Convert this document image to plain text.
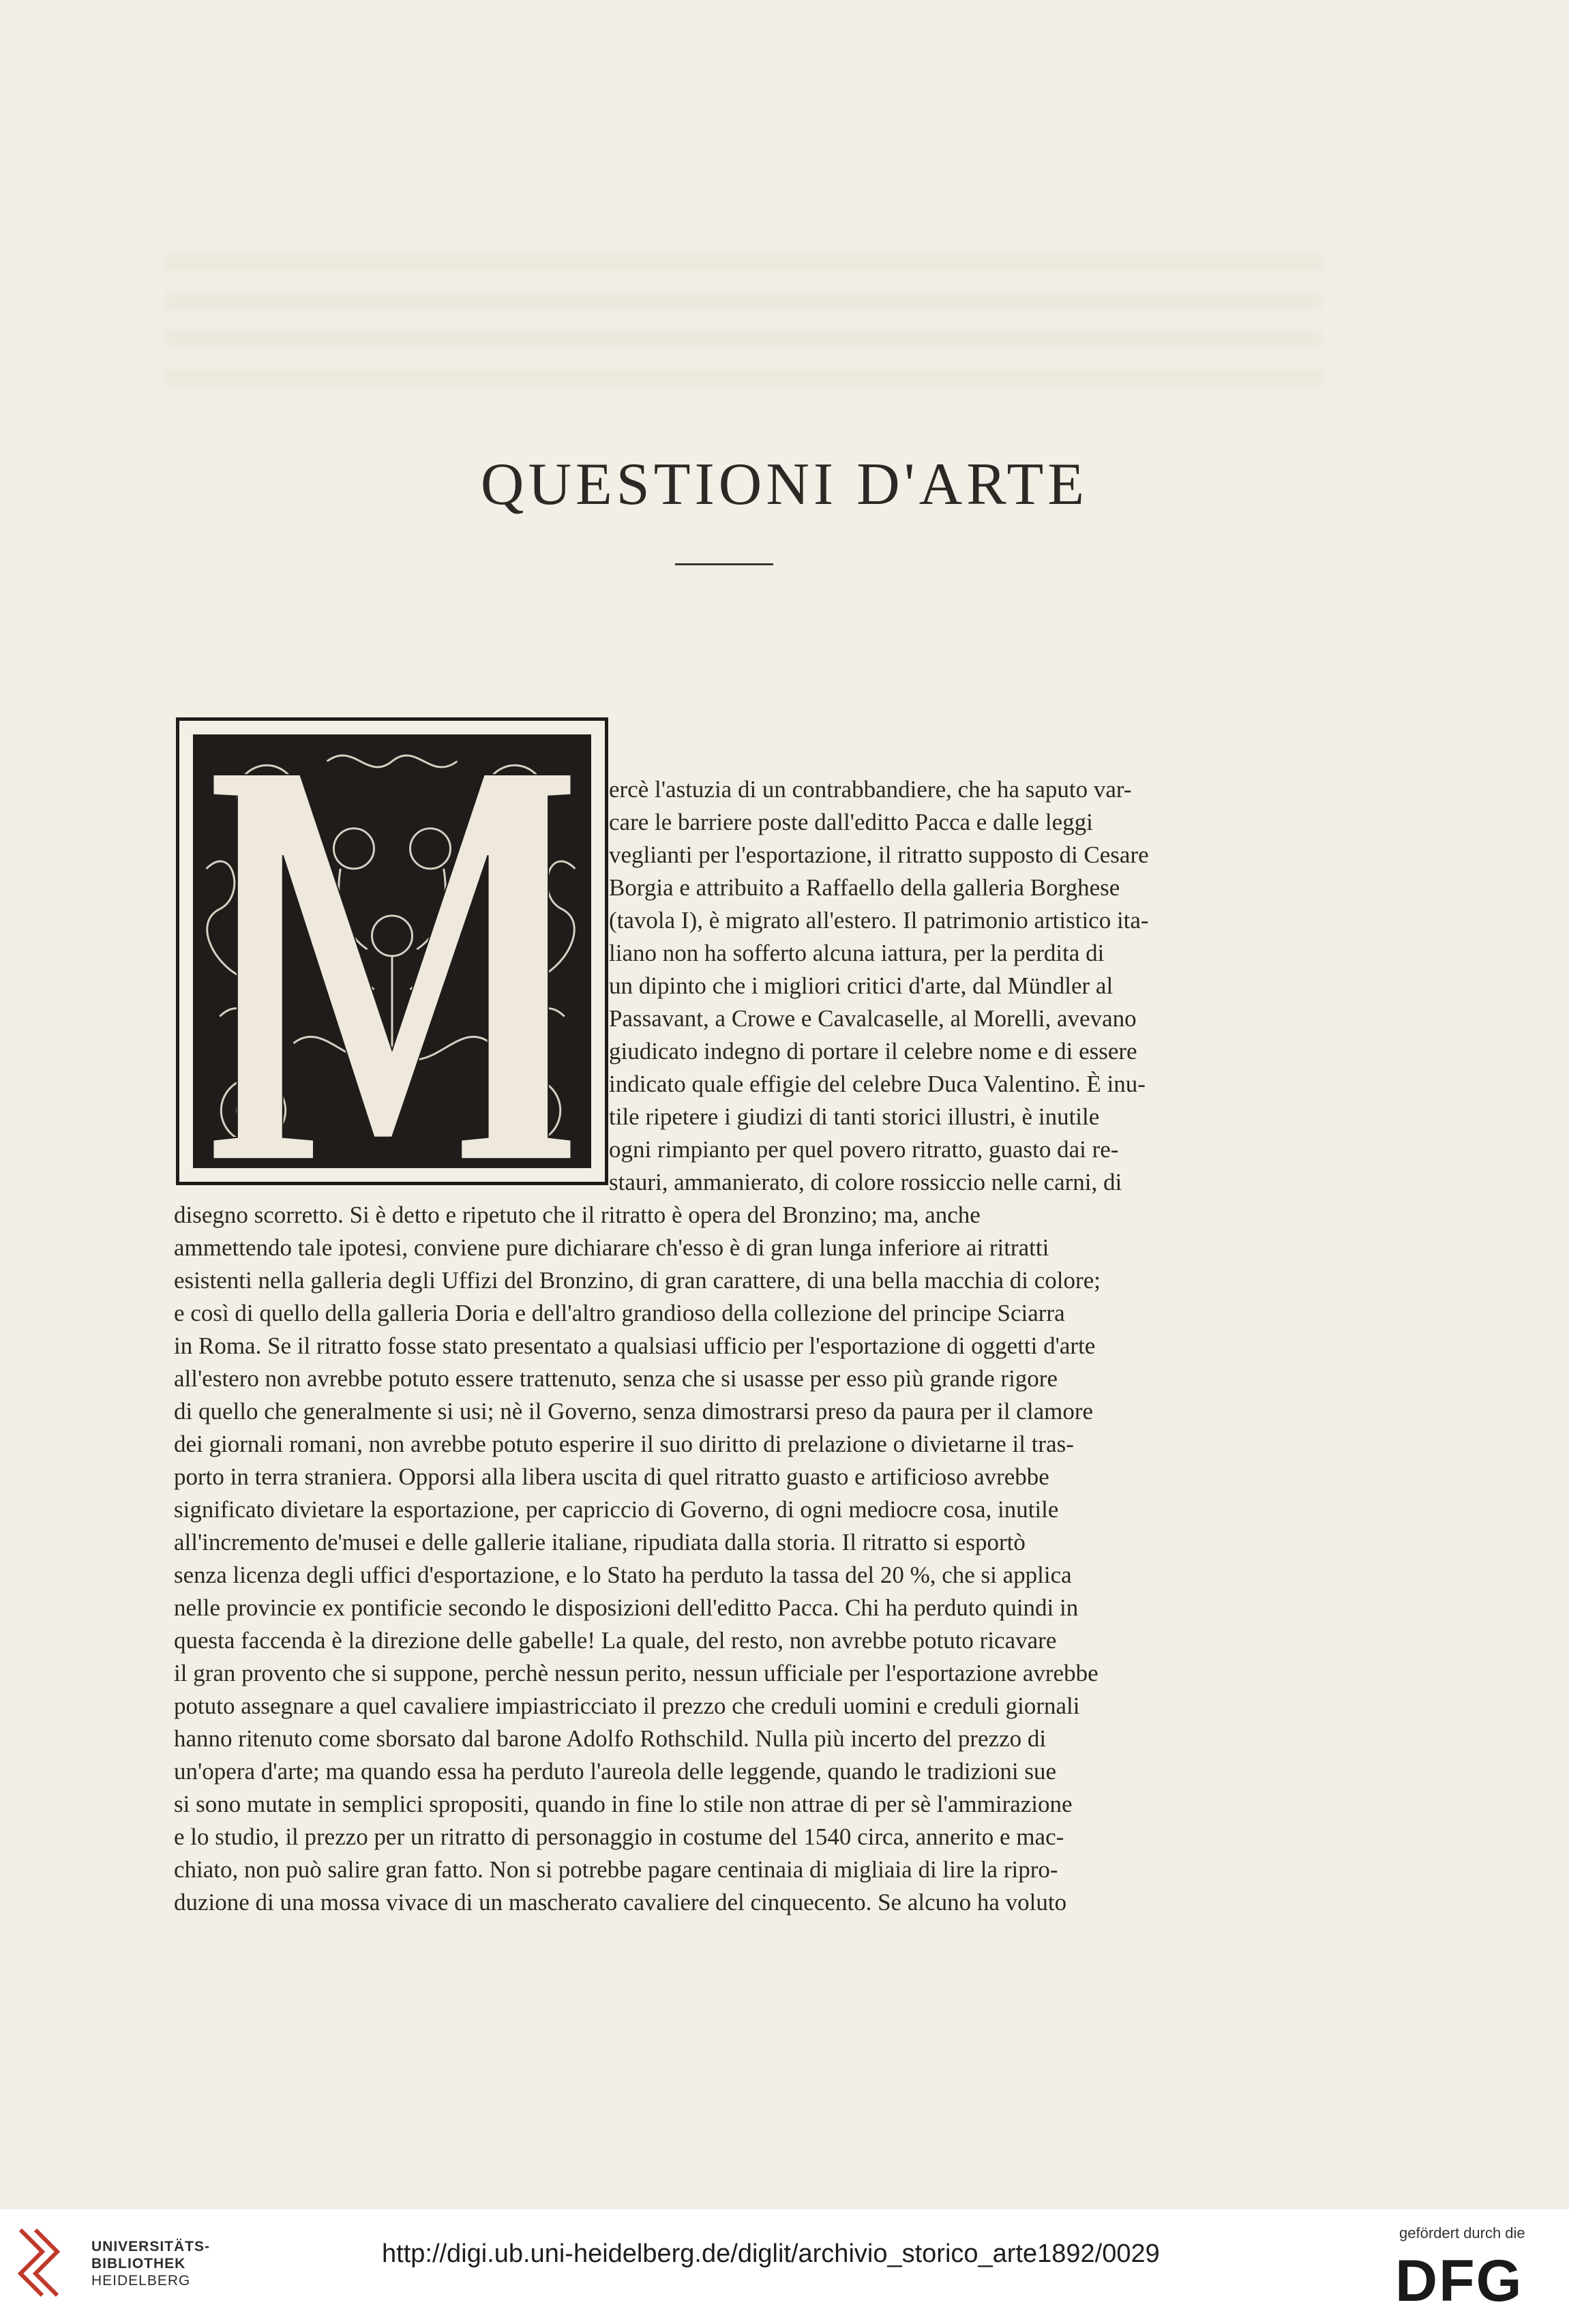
QUESTIONI D'ARTE
ercè l'astuzia di un contrabbandiere, che ha saputo var-
care le barriere poste dall'editto Pacca e dalle leggi
veglianti per l'esportazione, il ritratto supposto di Cesare
Borgia e attribuito a Raffaello della galleria Borghese
(tavola I), è migrato all'estero. Il patrimonio artistico ita-
liano non ha sofferto alcuna iattura, per la perdita di
un dipinto che i migliori critici d'arte, dal Mündler al
Passavant, a Crowe e Cavalcaselle, al Morelli, avevano
giudicato indegno di portare il celebre nome e di essere
indicato quale effigie del celebre Duca Valentino. È inu-
tile ripetere i giudizi di tanti storici illustri, è inutile
ogni rimpianto per quel povero ritratto, guasto dai re-
stauri, ammanierato, di colore rossiccio nelle carni, di
disegno scorretto. Si è detto e ripetuto che il ritratto è opera del Bronzino; ma, anche
ammettendo tale ipotesi, conviene pure dichiarare ch'esso è di gran lunga inferiore ai ritratti
esistenti nella galleria degli Uffizi del Bronzino, di gran carattere, di una bella macchia di colore;
e così di quello della galleria Doria e dell'altro grandioso della collezione del principe Sciarra
in Roma. Se il ritratto fosse stato presentato a qualsiasi ufficio per l'esportazione di oggetti d'arte
all'estero non avrebbe potuto essere trattenuto, senza che si usasse per esso più grande rigore
di quello che generalmente si usi; nè il Governo, senza dimostrarsi preso da paura per il clamore
dei giornali romani, non avrebbe potuto esperire il suo diritto di prelazione o divietarne il tras-
porto in terra straniera. Opporsi alla libera uscita di quel ritratto guasto e artificioso avrebbe
significato divietare la esportazione, per capriccio di Governo, di ogni mediocre cosa, inutile
all'incremento de'musei e delle gallerie italiane, ripudiata dalla storia. Il ritratto si esportò
senza licenza degli uffici d'esportazione, e lo Stato ha perduto la tassa del 20 %, che si applica
nelle provincie ex pontificie secondo le disposizioni dell'editto Pacca. Chi ha perduto quindi in
questa faccenda è la direzione delle gabelle! La quale, del resto, non avrebbe potuto ricavare
il gran provento che si suppone, perchè nessun perito, nessun ufficiale per l'esportazione avrebbe
potuto assegnare a quel cavaliere impiastricciato il prezzo che creduli uomini e creduli giornali
hanno ritenuto come sborsato dal barone Adolfo Rothschild. Nulla più incerto del prezzo di
un'opera d'arte; ma quando essa ha perduto l'aureola delle leggende, quando le tradizioni sue
si sono mutate in semplici spropositi, quando in fine lo stile non attrae di per sè l'ammirazione
e lo studio, il prezzo per un ritratto di personaggio in costume del 1540 circa, annerito e mac-
chiato, non può salire gran fatto. Non si potrebbe pagare centinaia di migliaia di lire la ripro-
duzione di una mossa vivace di un mascherato cavaliere del cinquecento. Se alcuno ha voluto
UNIVERSITÄTS-
BIBLIOTHEK
HEIDELBERG
http://digi.ub.uni-heidelberg.de/diglit/archivio_storico_arte1892/0029
gefördert durch die
DFG
